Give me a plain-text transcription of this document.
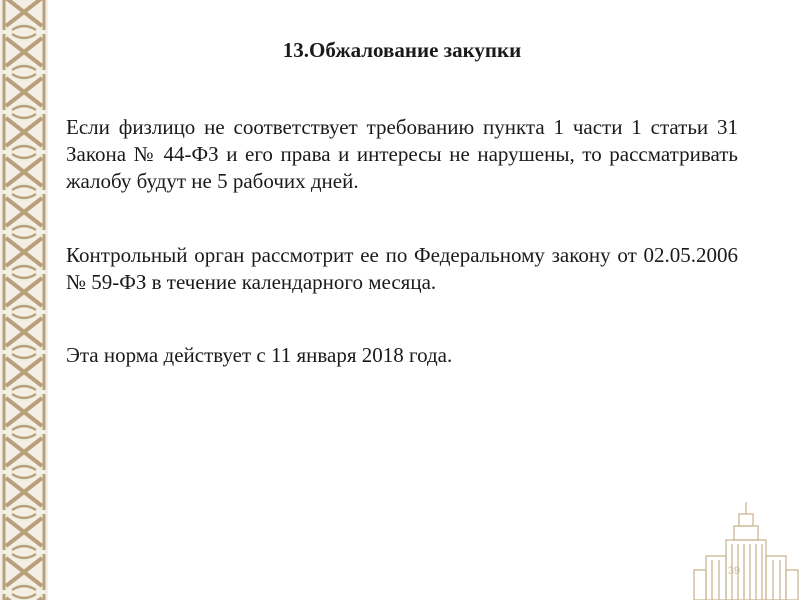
13.Обжалование закупки
Если физлицо не соответствует требованию пункта 1 части 1 статьи 31 Закона № 44-ФЗ и его права и интересы не нарушены, то рассматривать жалобу будут не 5 рабочих дней.
Контрольный орган рассмотрит ее по Федеральному закону от 02.05.2006 № 59-ФЗ в течение календарного месяца.
Эта норма действует с 11 января 2018 года.
39
